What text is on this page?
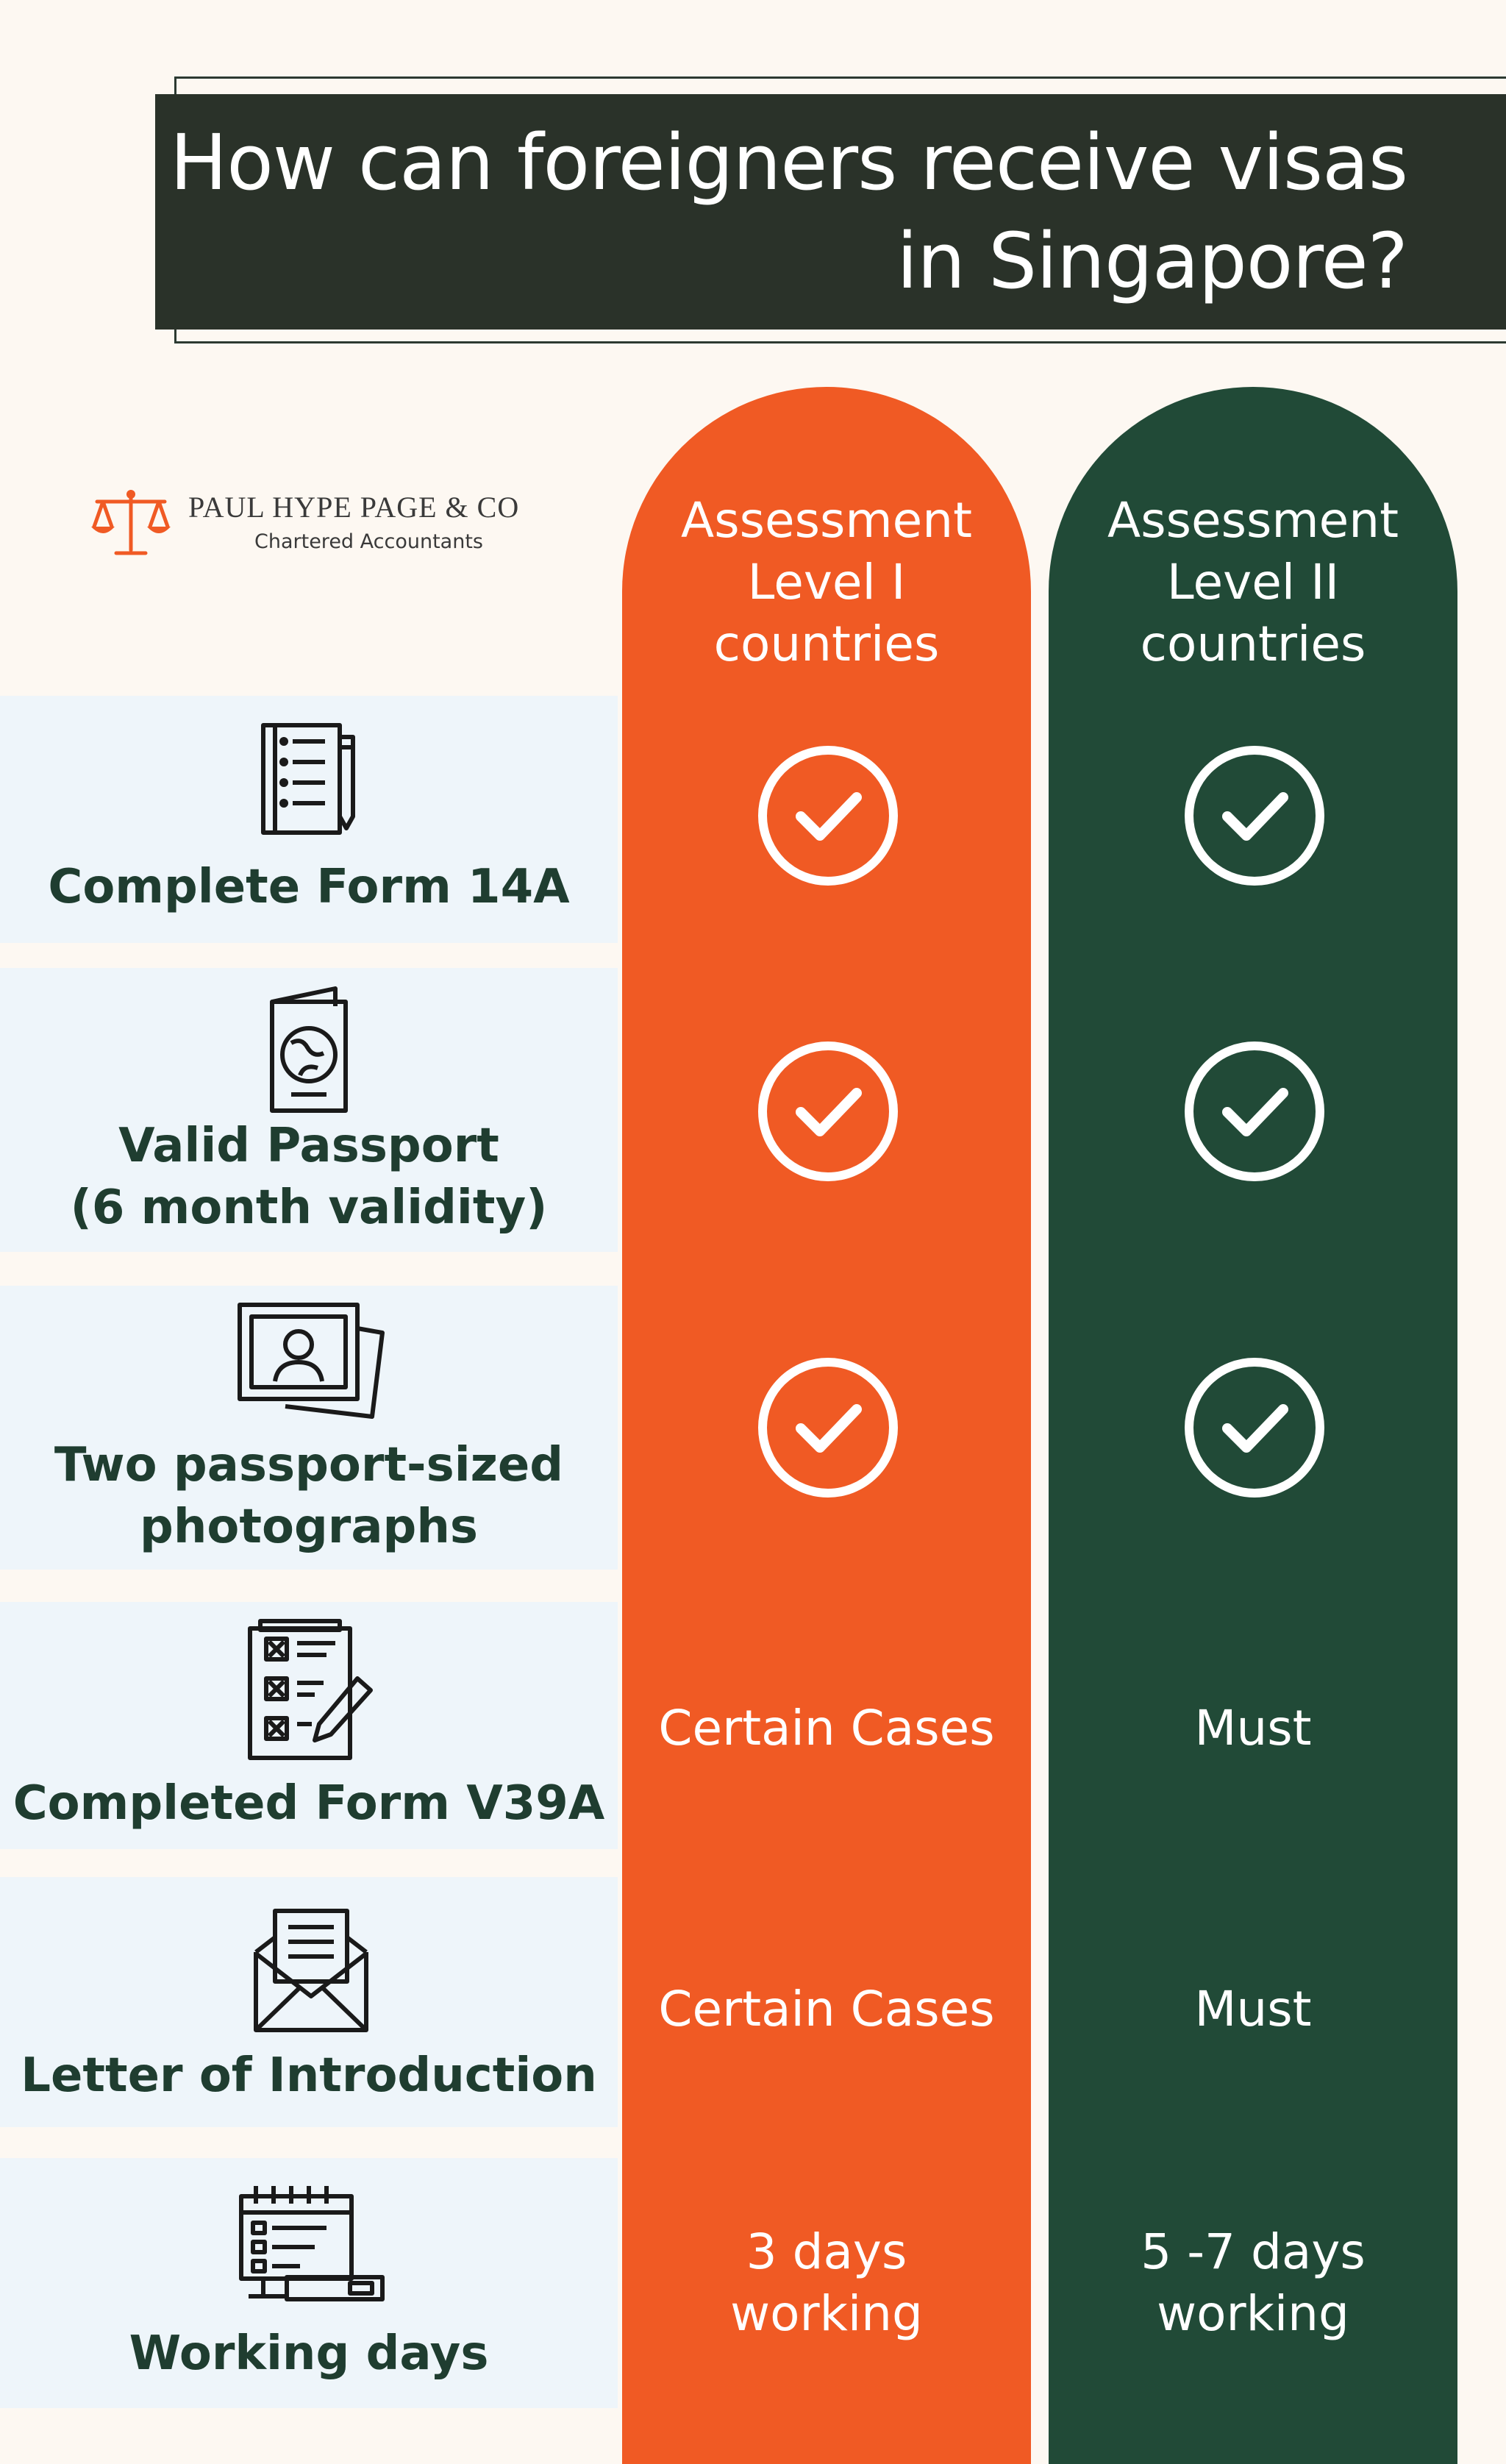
How can foreigners receive visas
in Singapore?
PAUL HYPE PAGE & CO
Chartered Accountants
Complete Form 14A
Valid Passport
(6 month validity)
Two passport-sized
photographs
Completed Form V39A
Letter of Introduction
Working days
Assessment
Level I
countries
Certain Cases
Certain Cases
3 days
working
Assessment
Level II
countries
Must
Must
5 -7 days
working
